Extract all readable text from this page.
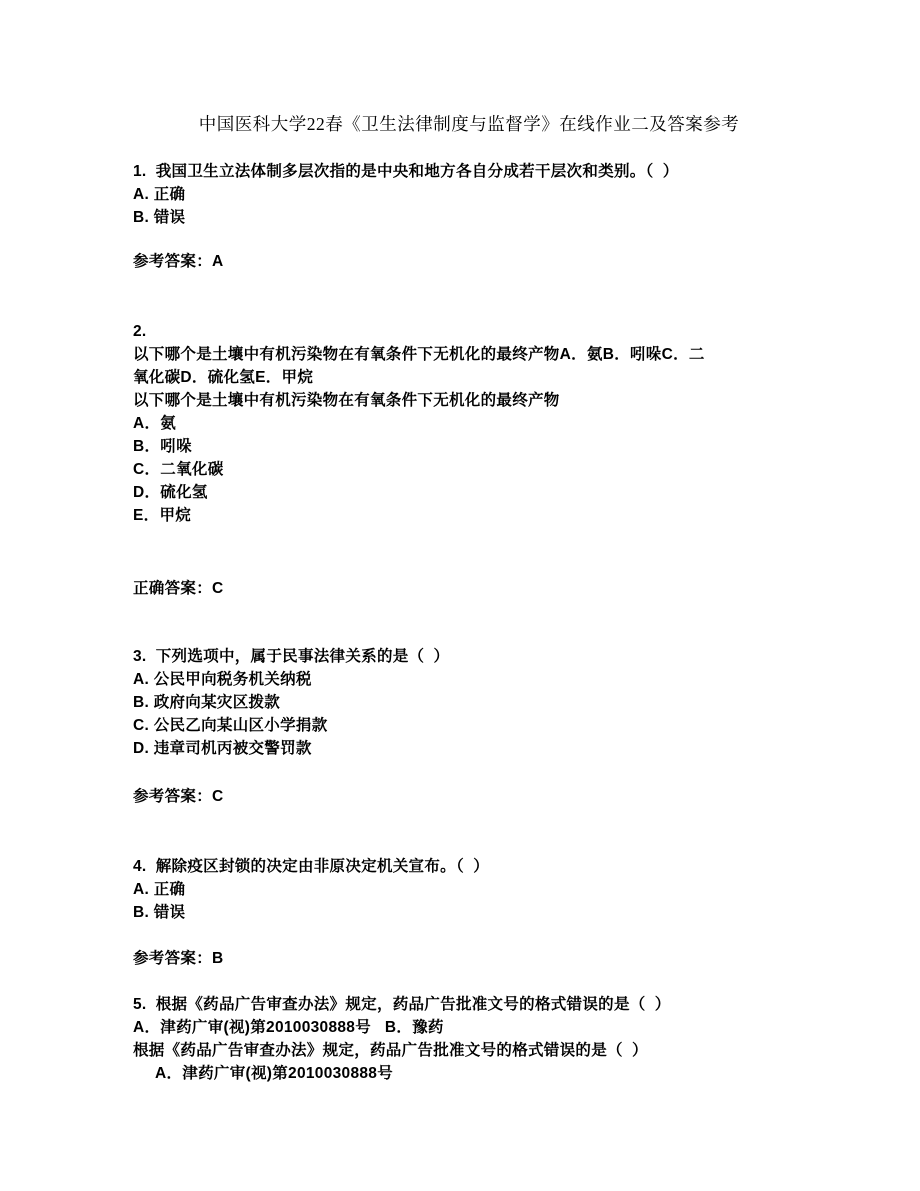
中国医科大学22春《卫生法律制度与监督学》在线作业二及答案参考
1.  我国卫生立法体制多层次指的是中央和地方各自分成若干层次和类别。（  ）
A. 正确
B. 错误
参考答案：A
2.
以下哪个是土壤中有机污染物在有氧条件下无机化的最终产物A．氨B．吲哚C．二
氧化碳D．硫化氢E．甲烷
以下哪个是土壤中有机污染物在有氧条件下无机化的最终产物
A．氨
B．吲哚
C．二氧化碳
D．硫化氢
E．甲烷
正确答案：C
3.  下列选项中，属于民事法律关系的是（  ）
A. 公民甲向税务机关纳税
B. 政府向某灾区拨款
C. 公民乙向某山区小学捐款
D. 违章司机丙被交警罚款
参考答案：C
4.  解除疫区封锁的决定由非原决定机关宣布。（  ）
A. 正确
B. 错误
参考答案：B
5.  根据《药品广告审查办法》规定，药品广告批准文号的格式错误的是（  ）
A．津药广审(视)第2010030888号   B．豫药
根据《药品广告审查办法》规定，药品广告批准文号的格式错误的是（  ）
A．津药广审(视)第2010030888号
